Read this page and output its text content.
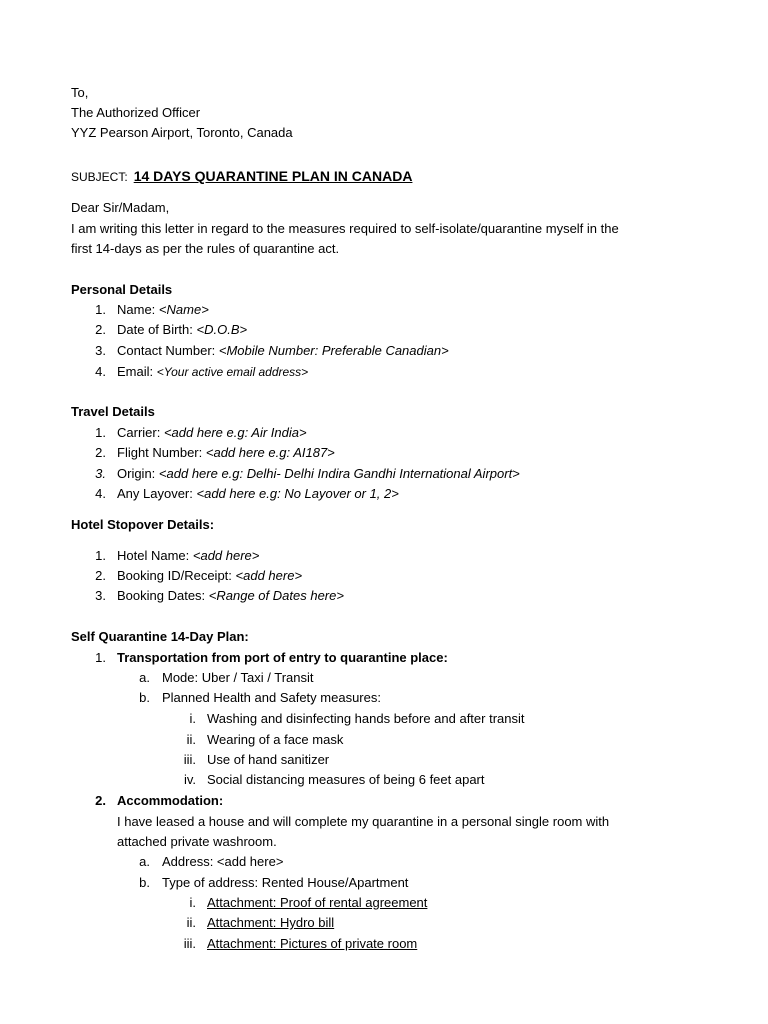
To,
The Authorized Officer
YYZ Pearson Airport, Toronto, Canada
SUBJECT: 14 DAYS QUARANTINE PLAN IN CANADA
Dear Sir/Madam,
I am writing this letter in regard to the measures required to self-isolate/quarantine myself in the
first 14-days as per the rules of quarantine act.
Personal Details
1. Name: <Name>
2. Date of Birth: <D.O.B>
3. Contact Number: <Mobile Number: Preferable Canadian>
4. Email: <Your active email address>
Travel Details
1. Carrier: <add here e.g: Air India>
2. Flight Number: <add here e.g: AI187>
3. Origin: <add here e.g: Delhi- Delhi Indira Gandhi International Airport>
4. Any Layover: <add here e.g: No Layover or 1, 2>
Hotel Stopover Details:
1. Hotel Name: <add here>
2. Booking ID/Receipt: <add here>
3. Booking Dates: <Range of Dates here>
Self Quarantine 14-Day Plan:
1. Transportation from port of entry to quarantine place:
a. Mode: Uber / Taxi / Transit
b. Planned Health and Safety measures:
i. Washing and disinfecting hands before and after transit
ii. Wearing of a face mask
iii. Use of hand sanitizer
iv. Social distancing measures of being 6 feet apart
2. Accommodation:
I have leased a house and will complete my quarantine in a personal single room with
attached private washroom.
a. Address: <add here>
b. Type of address: Rented House/Apartment
i. Attachment: Proof of rental agreement
ii. Attachment: Hydro bill
iii. Attachment: Pictures of private room
